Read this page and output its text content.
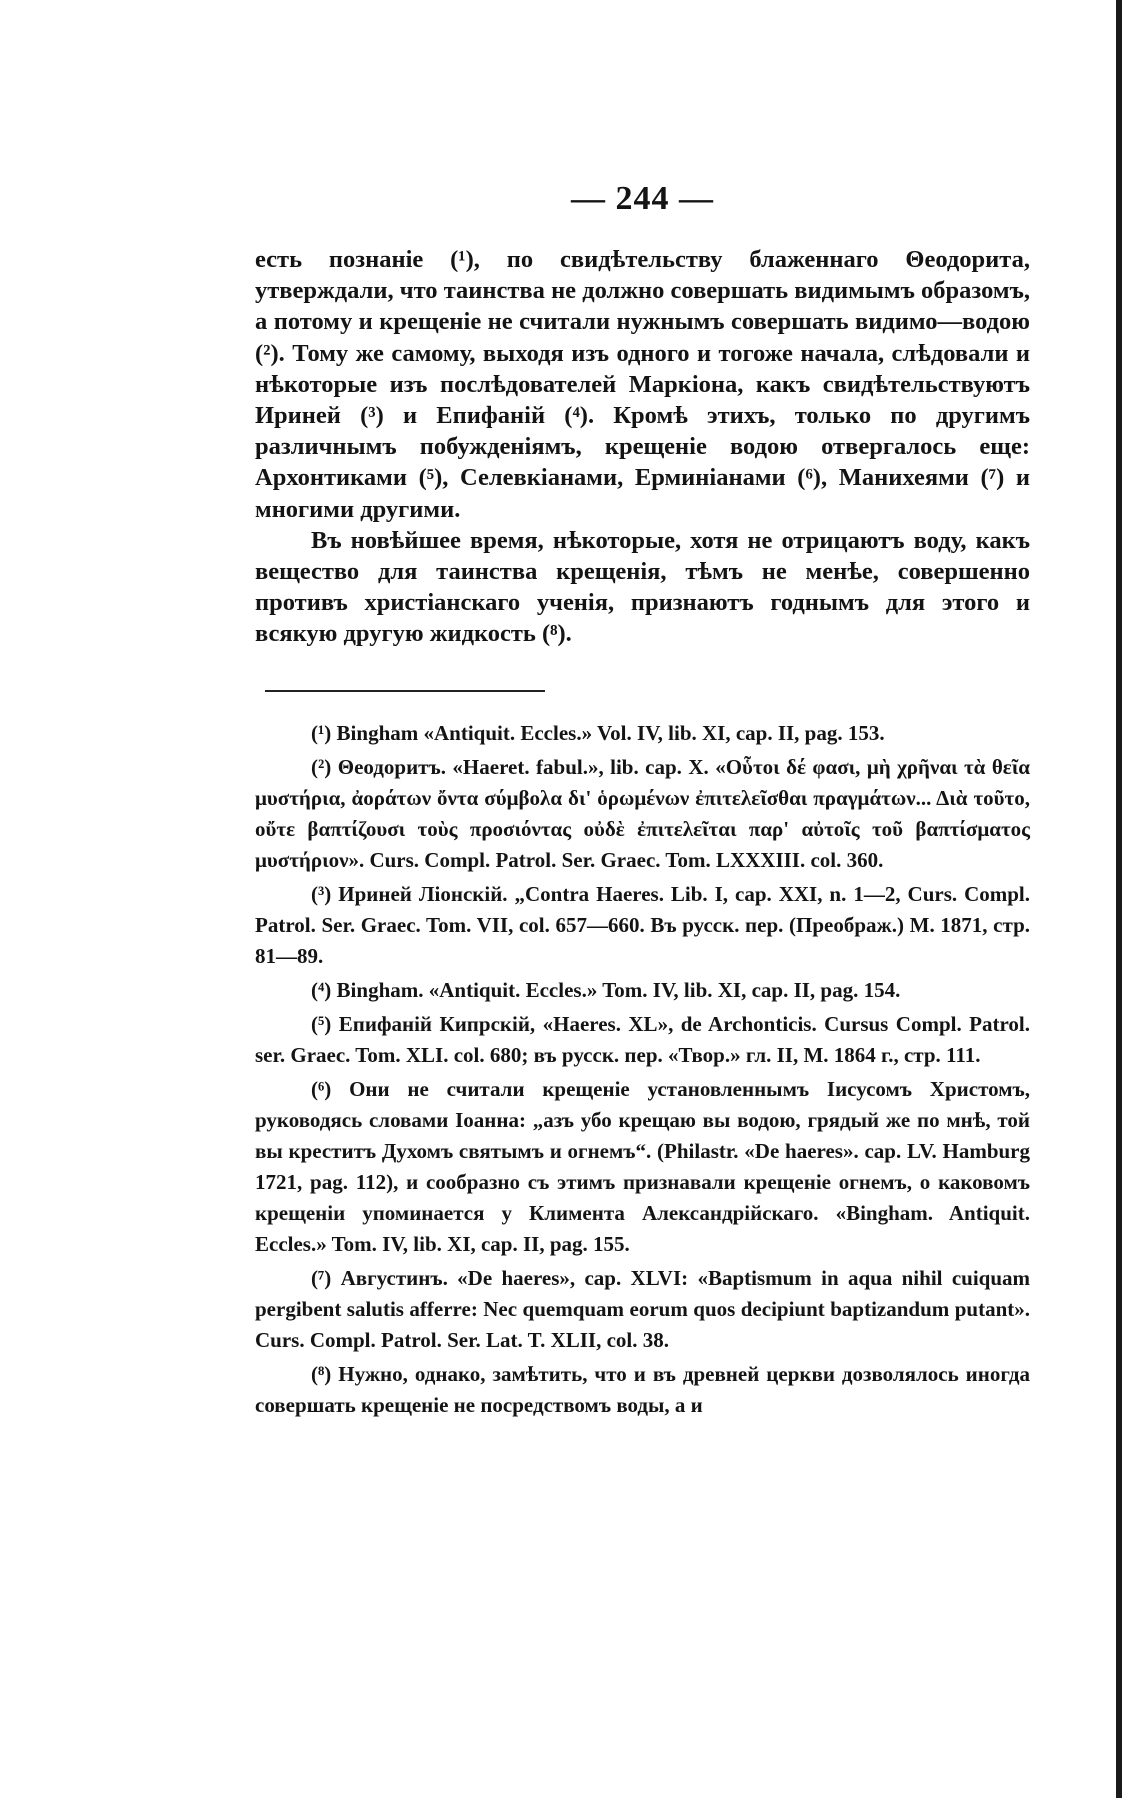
— 244 —

есть познаніе (¹), по свидѣтельству блаженнаго Θеодорита, утверждали, что таинства не должно совершать видимымъ образомъ, а потому и крещеніе не считали нужнымъ совершать видимо—водою (²). Тому же самому, выходя изъ одного и тогоже начала, слѣдовали и нѣкоторые изъ послѣдователей Маркіона, какъ свидѣтельствуютъ Ириней (³) и Епифаній (⁴). Кромѣ этихъ, только по другимъ различнымъ побужденіямъ, крещеніе водою отвергалось еще: Архонтиками (⁵), Селевкіанами, Ерминіанами (⁶), Манихеями (⁷) и многими другими.

Въ новѣйшее время, нѣкоторые, хотя не отрицаютъ воду, какъ вещество для таинства крещенія, тѣмъ не менѣе, совершенно противъ христіанскаго ученія, признаютъ годнымъ для этого и всякую другую жидкость (⁸).

(¹) Bingham «Antiquit. Eccles.» Vol. IV, lib. XI, cap. II, pag. 153.

(²) Θеодоритъ. «Haeret. fabul.», lib. cap. X. «Οὗτοι δέ φασι, μὴ χρῆναι τὰ θεῖα μυστήρια, ἀοράτων ὄντα σύμβολα δι' ὁρωμένων ἐπιτελεῖσθαι πραγμάτων... Διὰ τοῦτο, οὔτε βαπτίζουσι τοὺς προσιόντας οὐδὲ ἐπιτελεῖται παρ' αὐτοῖς τοῦ βαπτίσματος μυστήριον». Curs. Compl. Patrol. Ser. Graec. Tom. LXXXIII. col. 360.

(³) Ириней Ліонскій. „Contra Haeres. Lib. I, cap. XXI, n. 1—2, Curs. Compl. Patrol. Ser. Graec. Tom. VII, col. 657—660. Въ русск. пер. (Преображ.) М. 1871, стр. 81—89.

(⁴) Bingham. «Antiquit. Eccles.» Tom. IV, lib. XI, cap. II, pag. 154.

(⁵) Епифаній Кипрскій, «Haeres. XL», de Archonticis. Cursus Compl. Patrol. ser. Graec. Tom. XLI. col. 680; въ русск. пер. «Твор.» гл. II, М. 1864 г., стр. 111.

(⁶) Они не считали крещеніе установленнымъ Іисусомъ Христомъ, руководясь словами Іоанна: „азъ убо крещаю вы водою, грядый же по мнѣ, той вы креститъ Духомъ святымъ и огнемъ“. (Philastr. «De haeres». cap. LV. Hamburg 1721, pag. 112), и сообразно съ этимъ признавали крещеніе огнемъ, о каковомъ крещеніи упоминается у Климента Александрійскаго. «Bingham. Antiquit. Eccles.» Tom. IV, lib. XI, cap. II, pag. 155.

(⁷) Августинъ. «De haeres», cap. XLVI: «Baptismum in aqua nihil cuiquam pergibent salutis afferre: Nec quemquam eorum quos decipiunt baptizandum putant». Curs. Compl. Patrol. Ser. Lat. T. XLII, col. 38.

(⁸) Нужно, однако, замѣтить, что и въ древней церкви дозволялось иногда совершать крещеніе не посредствомъ воды, а и
